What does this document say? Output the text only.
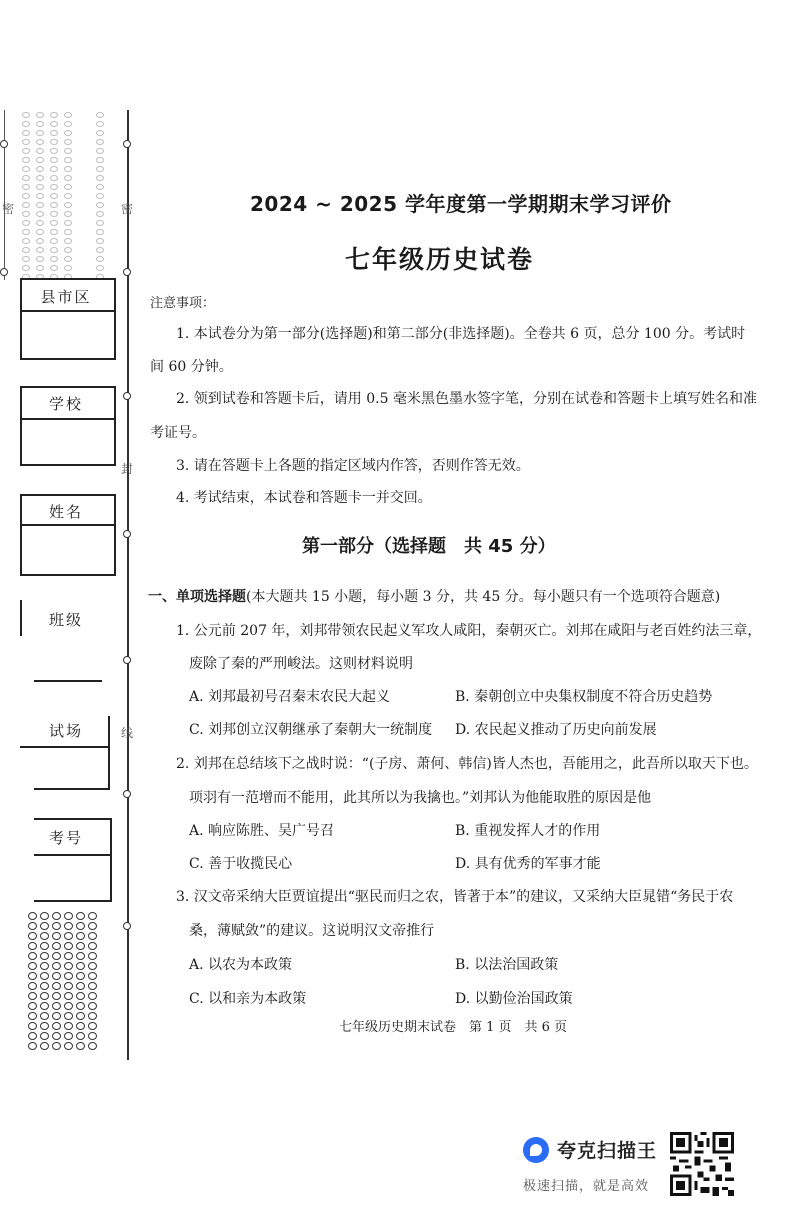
密
封
线
密
县市区
学校
姓名
班级
试场
考号
2024 ~ 2025 学年度第一学期期末学习评价
七年级历史试卷
注意事项：
1. 本试卷分为第一部分(选择题)和第二部分(非选择题)。全卷共 6 页，总分 100 分。考试时
间 60 分钟。
2. 领到试卷和答题卡后，请用 0.5 毫米黑色墨水签字笔，分别在试卷和答题卡上填写姓名和准
考证号。
3. 请在答题卡上各题的指定区域内作答，否则作答无效。
4. 考试结束，本试卷和答题卡一并交回。
第一部分（选择题　共 45 分）
一、单项选择题(本大题共 15 小题，每小题 3 分，共 45 分。每小题只有一个选项符合题意)
1. 公元前 207 年，刘邦带领农民起义军攻人咸阳，秦朝灭亡。刘邦在咸阳与老百姓约法三章，
废除了秦的严刑峻法。这则材料说明
A. 刘邦最初号召秦末农民大起义	B. 秦朝创立中央集权制度不符合历史趋势
C. 刘邦创立汉朝继承了秦朝大一统制度 D. 农民起义推动了历史向前发展
2. 刘邦在总结垓下之战时说：“(子房、萧何、韩信)皆人杰也，吾能用之，此吾所以取天下也。
项羽有一范增而不能用，此其所以为我擒也。”刘邦认为他能取胜的原因是他
A. 响应陈胜、吴广号召	B. 重视发挥人才的作用
C. 善于收揽民心	D. 具有优秀的军事才能
3. 汉文帝采纳大臣贾谊提出“驱民而归之农，皆著于本”的建议，又采纳大臣晁错“务民于农
桑，薄赋敛”的建议。这说明汉文帝推行
A. 以农为本政策	B. 以法治国政策
C. 以和亲为本政策	D. 以勤俭治国政策
七年级历史期末试卷　第 1 页　共 6 页
夸克扫描王
极速扫描，就是高效
